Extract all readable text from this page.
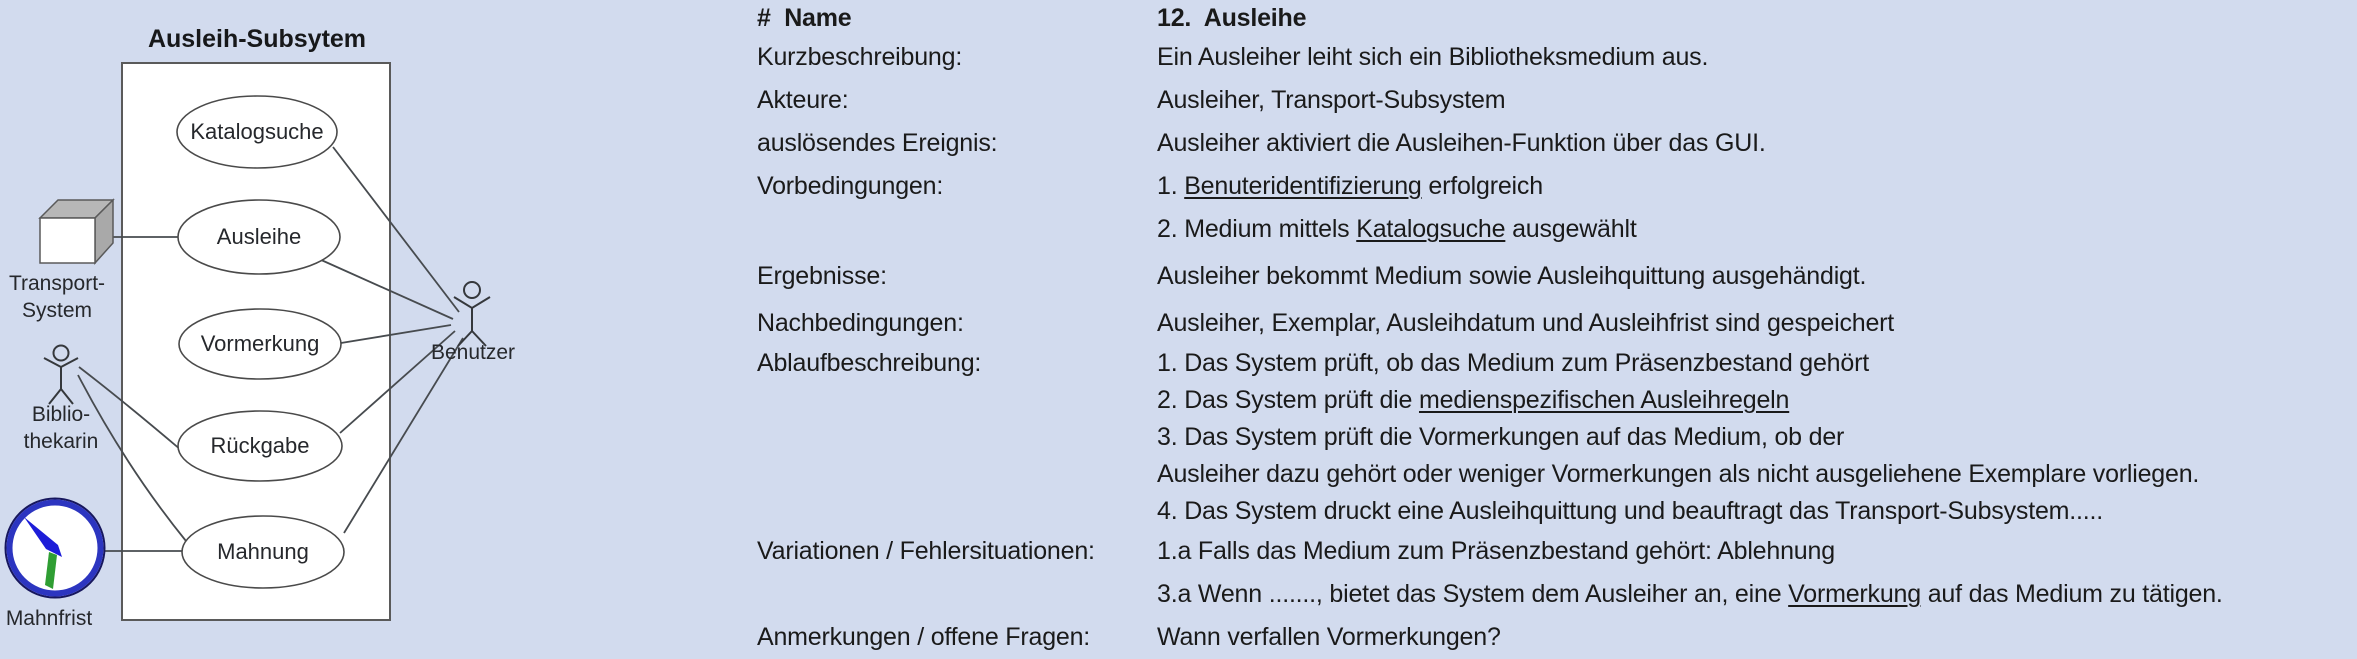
Ausleih-Subsytem
Katalogsuche
Ausleihe
Vormerkung
Rückgabe
Mahnung
Transport-
System
Biblio-
thekarin
Mahnfrist
Benutzer
#  Name	12.  Ausleihe
Kurzbeschreibung:	Ein Ausleiher leiht sich ein Bibliotheksmedium aus.
Akteure:	Ausleiher, Transport-Subsystem
auslösendes Ereignis:	Ausleiher aktiviert die Ausleihen-Funktion über das GUI.
Vorbedingungen:	1. Benuteridentifizierung erfolgreich
2. Medium mittels Katalogsuche ausgewählt
Ergebnisse:	Ausleiher bekommt Medium sowie Ausleihquittung ausgehändigt.
Nachbedingungen:	Ausleiher, Exemplar, Ausleihdatum und Ausleihfrist sind gespeichert
Ablaufbeschreibung:	1. Das System prüft, ob das Medium zum Präsenzbestand gehört
2. Das System prüft die medienspezifischen Ausleihregeln
3. Das System prüft die Vormerkungen auf das Medium, ob der
Ausleiher dazu gehört oder weniger Vormerkungen als nicht ausgeliehene Exemplare vorliegen.
4. Das System druckt eine Ausleihquittung und beauftragt das Transport-Subsystem.....
Variationen / Fehlersituationen:	1.a Falls das Medium zum Präsenzbestand gehört: Ablehnung
3.a Wenn ......., bietet das System dem Ausleiher an, eine Vormerkung auf das Medium zu tätigen.
Anmerkungen / offene Fragen:	Wann verfallen Vormerkungen?
